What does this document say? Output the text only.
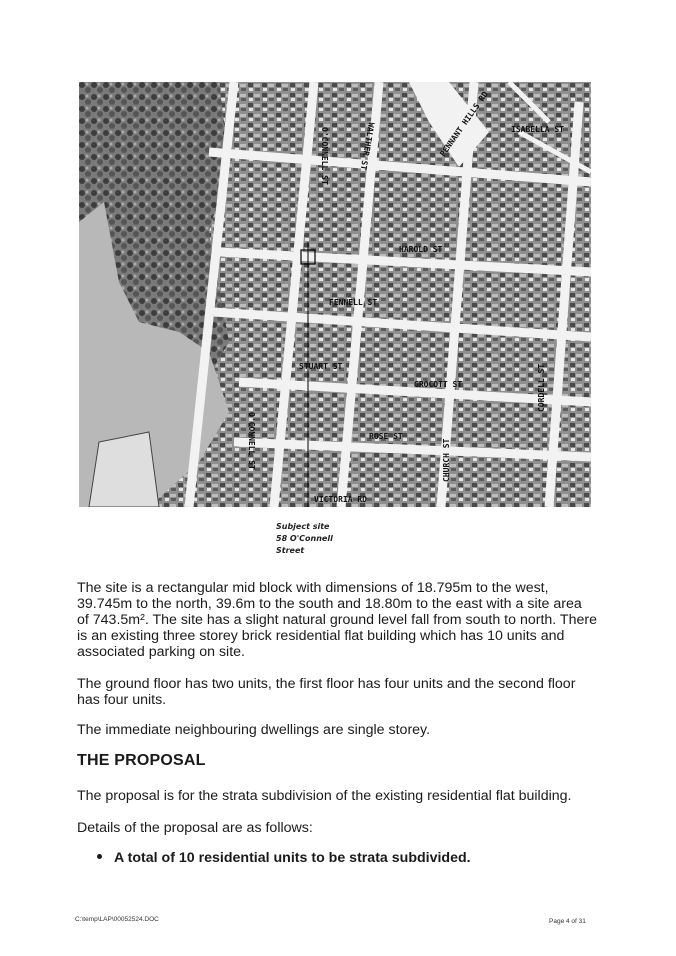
PENNANT HILLS RD
O'CONNELL ST	WALTHER ST	ISABELLA ST
HAROLD ST
FENNELL ST
GROCOTT ST
STUART ST
ROSE ST
CHURCH ST
VICTORIA RD
O'CONNELL ST
CORDELL ST
Subject site
58 O'Connell
Street
The site is a rectangular mid block with dimensions of 18.795m to the west, 39.745m to the north, 39.6m to the south and 18.80m to the east with a site area of 743.5m². The site has a slight natural ground level fall from south to north. There is an existing three storey brick residential flat building which has 10 units and associated parking on site.
The ground floor has two units, the first floor has four units and the second floor has four units.
The immediate neighbouring dwellings are single storey.
THE PROPOSAL
The proposal is for the strata subdivision of the existing residential flat building.
Details of the proposal are as follows:
A total of 10 residential units to be strata subdivided.
C:\temp\LAP\00052524.DOC	Page 4 of 31
